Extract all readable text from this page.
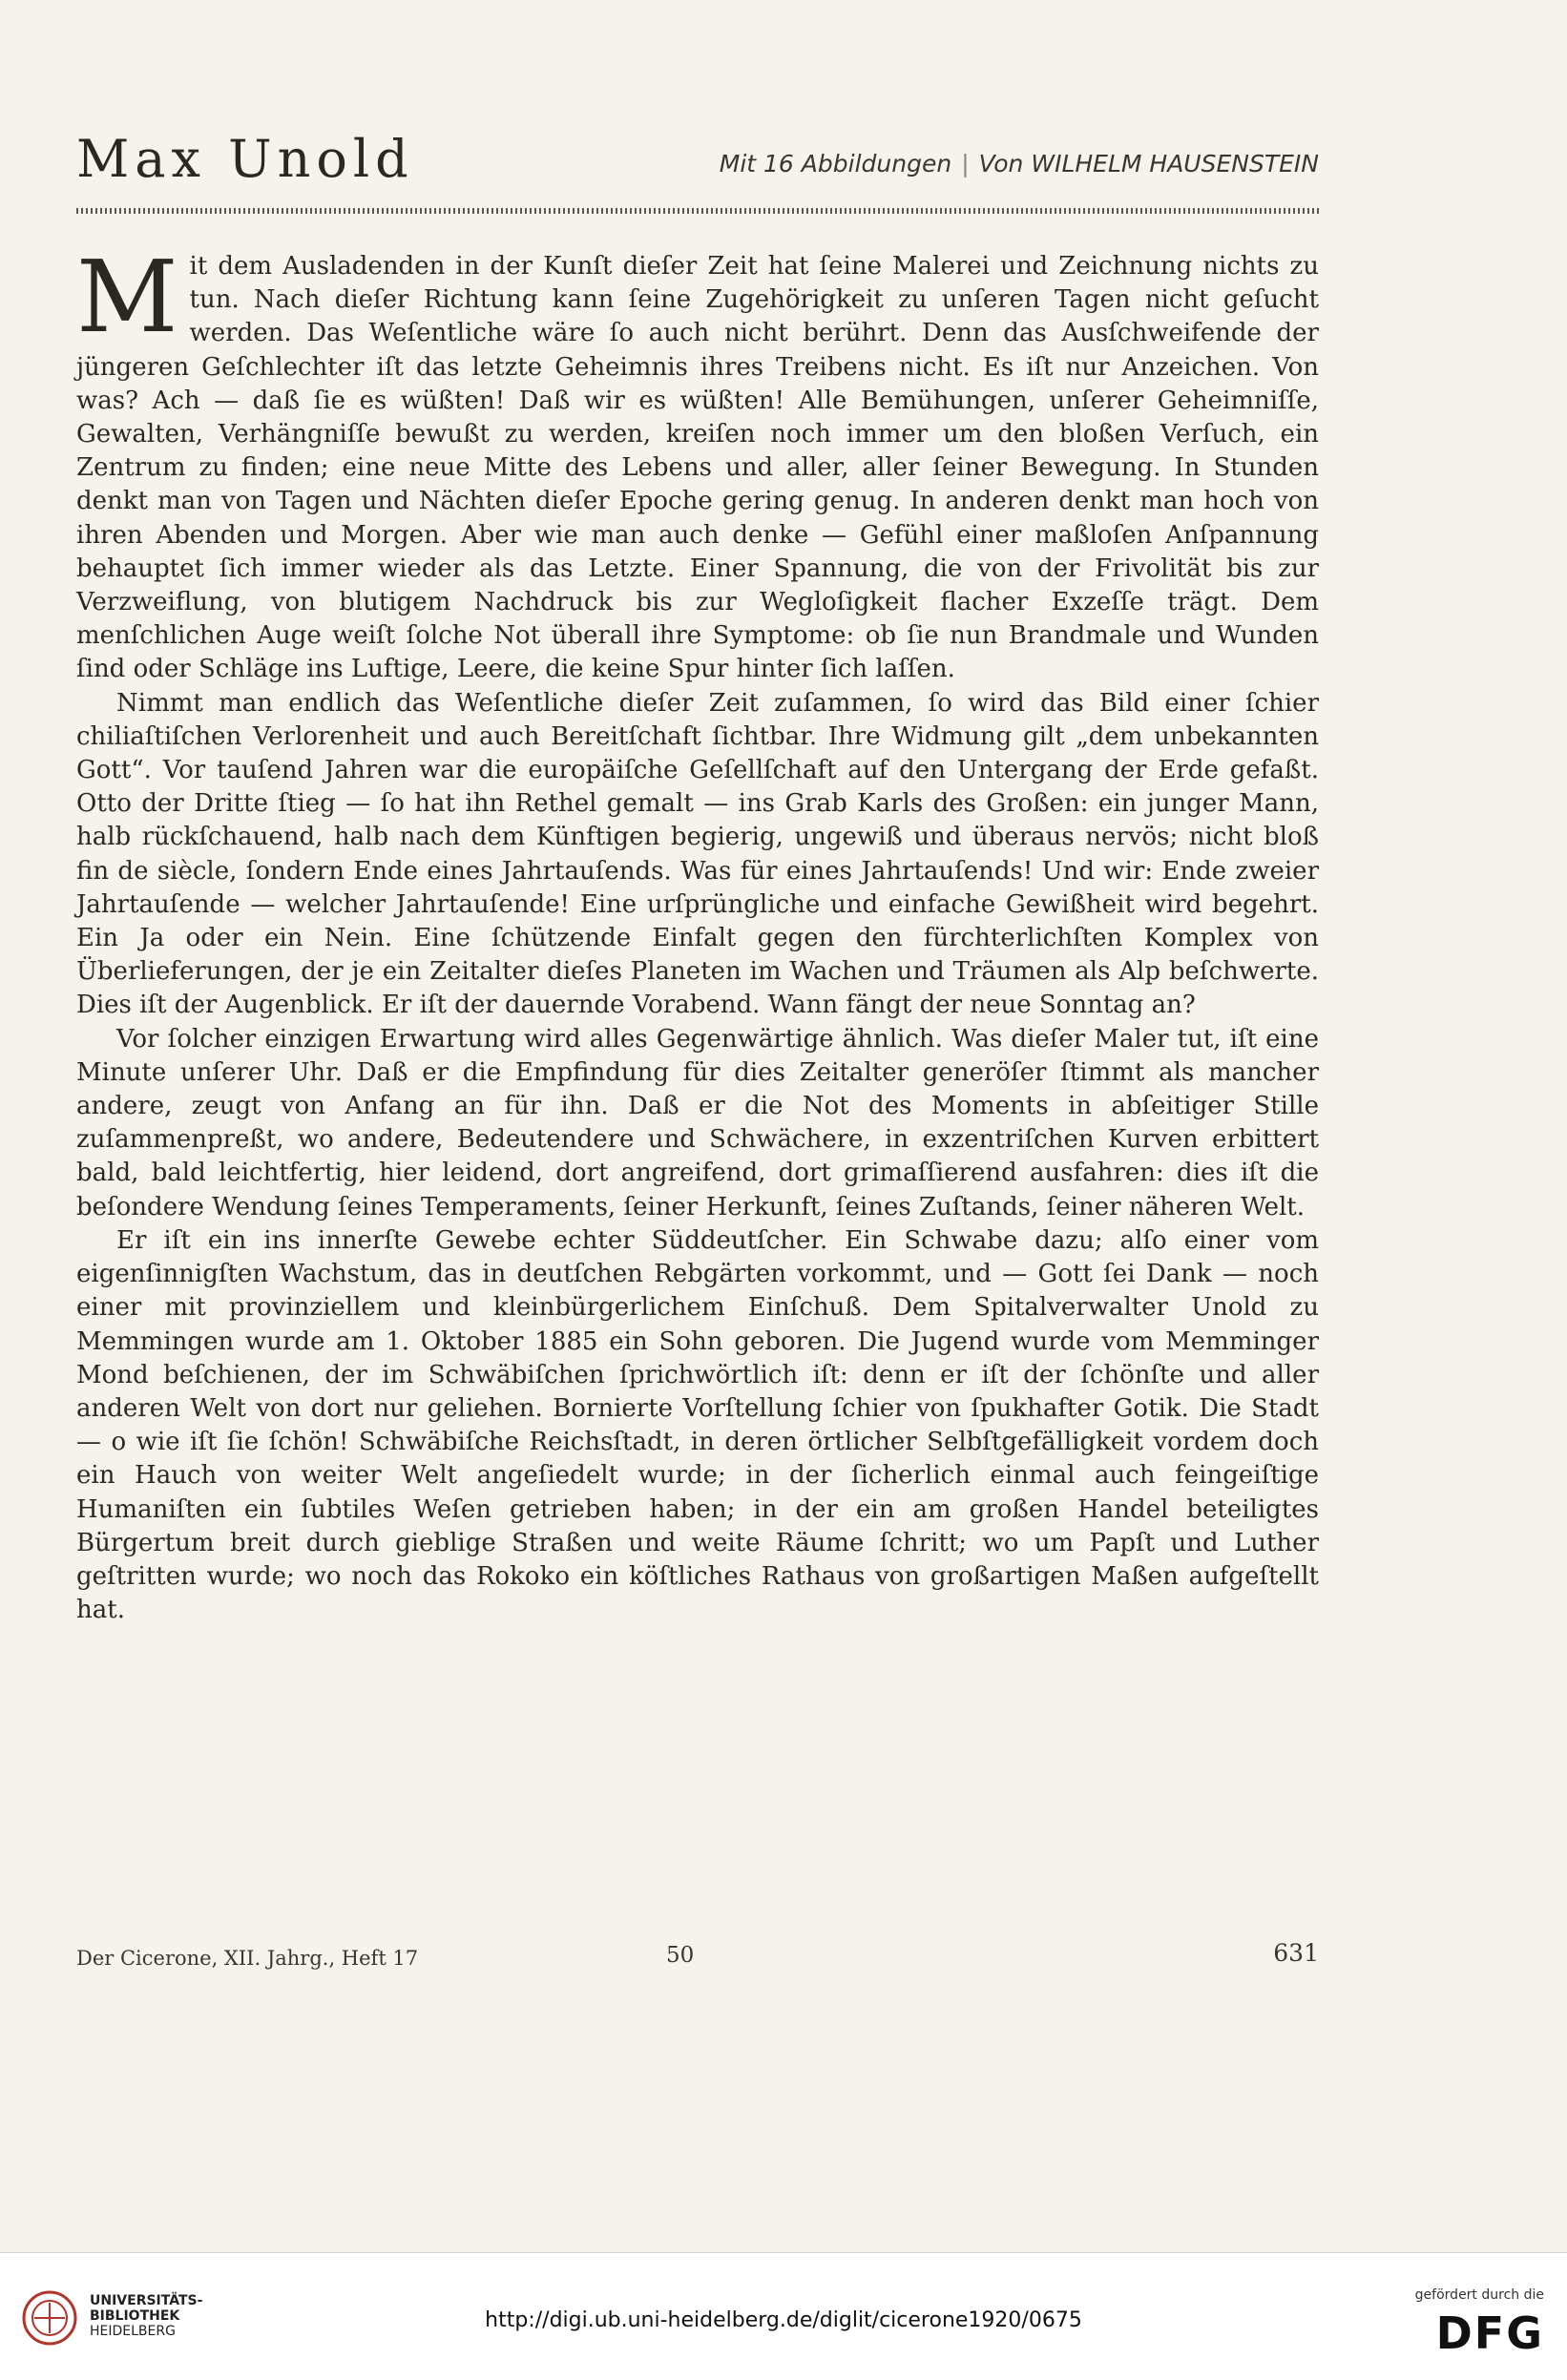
Max Unold	Mit 16 Abbildungen | Von WILHELM HAUSENSTEIN

Mit dem Ausladenden in der Kunſt dieſer Zeit hat ſeine Malerei und Zeichnung nichts zu tun. Nach dieſer Richtung kann ſeine Zugehörigkeit zu unſeren Tagen nicht geſucht werden. Das Weſentliche wäre ſo auch nicht berührt. Denn das Ausſchweifende der jüngeren Geſchlechter iſt das letzte Geheimnis ihres Treibens nicht. Es iſt nur Anzeichen. Von was? Ach — daß ſie es wüßten! Daß wir es wüßten! Alle Bemühungen, unſerer Geheimniſſe, Gewalten, Verhängniſſe bewußt zu werden, kreiſen noch immer um den bloßen Verſuch, ein Zentrum zu finden; eine neue Mitte des Lebens und aller, aller ſeiner Bewegung. In Stunden denkt man von Tagen und Nächten dieſer Epoche gering genug. In anderen denkt man hoch von ihren Abenden und Morgen. Aber wie man auch denke — Gefühl einer maßloſen Anſpannung behauptet ſich immer wieder als das Letzte. Einer Spannung, die von der Frivolität bis zur Verzweiflung, von blutigem Nachdruck bis zur Wegloſigkeit flacher Exzeſſe trägt. Dem menſchlichen Auge weiſt ſolche Not überall ihre Symptome: ob ſie nun Brandmale und Wunden ſind oder Schläge ins Luftige, Leere, die keine Spur hinter ſich laſſen.

Nimmt man endlich das Weſentliche dieſer Zeit zuſammen, ſo wird das Bild einer ſchier chiliaſtiſchen Verlorenheit und auch Bereitſchaft ſichtbar. Ihre Widmung gilt „dem unbekannten Gott“. Vor tauſend Jahren war die europäiſche Geſellſchaft auf den Untergang der Erde gefaßt. Otto der Dritte ſtieg — ſo hat ihn Rethel gemalt — ins Grab Karls des Großen: ein junger Mann, halb rückſchauend, halb nach dem Künftigen begierig, ungewiß und überaus nervös; nicht bloß fin de siècle, ſondern Ende eines Jahrtauſends. Was für eines Jahrtauſends! Und wir: Ende zweier Jahrtauſende — welcher Jahrtauſende! Eine urſprüngliche und einfache Gewißheit wird begehrt. Ein Ja oder ein Nein. Eine ſchützende Einfalt gegen den fürchterlichſten Komplex von Überlieferungen, der je ein Zeitalter dieſes Planeten im Wachen und Träumen als Alp beſchwerte. Dies iſt der Augenblick. Er iſt der dauernde Vorabend. Wann fängt der neue Sonntag an?

Vor ſolcher einzigen Erwartung wird alles Gegenwärtige ähnlich. Was dieſer Maler tut, iſt eine Minute unſerer Uhr. Daß er die Empfindung für dies Zeitalter generöſer ſtimmt als mancher andere, zeugt von Anfang an für ihn. Daß er die Not des Moments in abſeitiger Stille zuſammenpreßt, wo andere, Bedeutendere und Schwächere, in exzentriſchen Kurven erbittert bald, bald leichtfertig, hier leidend, dort angreifend, dort grimaſſierend ausfahren: dies iſt die beſondere Wendung ſeines Temperaments, ſeiner Herkunft, ſeines Zuſtands, ſeiner näheren Welt.

Er iſt ein ins innerſte Gewebe echter Süddeutſcher. Ein Schwabe dazu; alſo einer vom eigenſinnigſten Wachstum, das in deutſchen Rebgärten vorkommt, und — Gott ſei Dank — noch einer mit provinziellem und kleinbürgerlichem Einſchuß. Dem Spitalverwalter Unold zu Memmingen wurde am 1. Oktober 1885 ein Sohn geboren. Die Jugend wurde vom Memminger Mond beſchienen, der im Schwäbiſchen ſprichwörtlich iſt: denn er iſt der ſchönſte und aller anderen Welt von dort nur geliehen. Bornierte Vorſtellung ſchier von ſpukhafter Gotik. Die Stadt — o wie iſt ſie ſchön! Schwäbiſche Reichsſtadt, in deren örtlicher Selbſtgefälligkeit vordem doch ein Hauch von weiter Welt angeſiedelt wurde; in der ſicherlich einmal auch feingeiſtige Humaniſten ein ſubtiles Weſen getrieben haben; in der ein am großen Handel beteiligtes Bürgertum breit durch gieblige Straßen und weite Räume ſchritt; wo um Papſt und Luther geſtritten wurde; wo noch das Rokoko ein köſtliches Rathaus von großartigen Maßen aufgeſtellt hat.

Der Cicerone, XII. Jahrg., Heft 17	50	631
UNIVERSITÄTS-
BIBLIOTHEK
HEIDELBERG	http://digi.ub.uni-heidelberg.de/diglit/cicerone1920/0675
gefördert durch die
DFG
